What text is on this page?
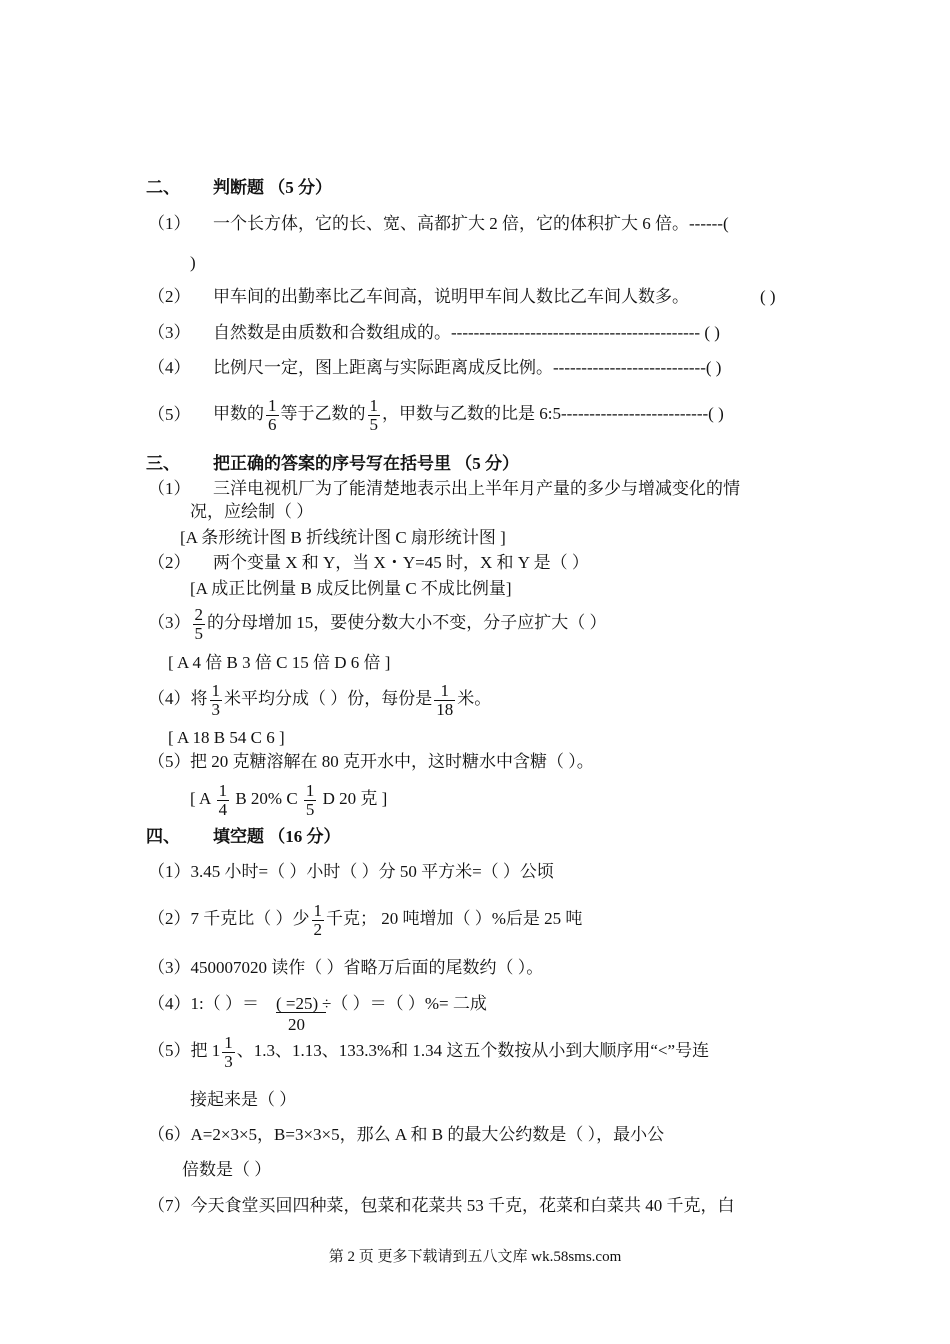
二、 判断题 （5 分）
（1） 一个长方体，它的长、宽、高都扩大 2 倍，它的体积扩大 6 倍。------(
)
（2） 甲车间的出勤率比乙车间高，说明甲车间人数比乙车间人数多。	( )
（3） 自然数是由质数和合数组成的。-------------------------------------------- ( )
（4） 比例尺一定，图上距离与实际距离成反比例。---------------------------( )
（5） 甲数的 $\frac{1}{6}$ 等于乙数的 $\frac{1}{5}$ ，甲数与乙数的比是 6:5--------------------------( )
三、 把正确的答案的序号写在括号里 （5 分）
（1） 三洋电视机厂为了能清楚地表示出上半年月产量的多少与增减变化的情
况，应绘制（ ）
[A 条形统计图 B 折线统计图 C 扇形统计图 ]
（2） 两个变量 X 和 Y，当 X・Y=45 时，X 和 Y 是（ ）
[A 成正比例量 B 成反比例量 C 不成比例量]
$(3) \frac{2}{5}$ 的分母增加 15，要使分数大小不变，分子应扩大（ ）
[ A 4 倍 B 3 倍 C 15 倍 D 6 倍 ]
（4）将 $\frac{1}{3}$ 米平均分成（ ）份，每份是 $\frac{1}{18}$ 米。
[ A 18 B 54 C 6 ]
（5） 把 20 克糖溶解在 80 克开水中，这时糖水中含糖（ ）。
[ A $\frac{1}{4}$ B 20% C $\frac{1}{5}$ D 20 克 ]
四、 填空题 （16 分）
（1）3.45 小时=（ ）小时（ ）分 50 平方米=（ ）公顷
（2）7 千克比（ ）少 $\frac{1}{2}$ 千克； 20 吨增加（ ）%后是 25 吨
（3）450007020 读作（ ）省略万后面的尾数约（ ）。
（4）1:（ ）＝ ( =25) ÷（ ）＝（ ）%= 二成
20
（5）把 $1 \frac{1}{3}$ 、1.3、1.13、133.3%和 1.34 这五个数按从小到大顺序用“<”号连
接起来是（ ）
（6）A=2×3×5，B=3×3×5，那么 A 和 B 的最大公约数是（ ），最小公
倍数是（ ）
（7）今天食堂买回四种菜，包菜和花菜共 53 千克，花菜和白菜共 40 千克，白
第 2 页 更多下载请到五八文库 wk.58sms.com
